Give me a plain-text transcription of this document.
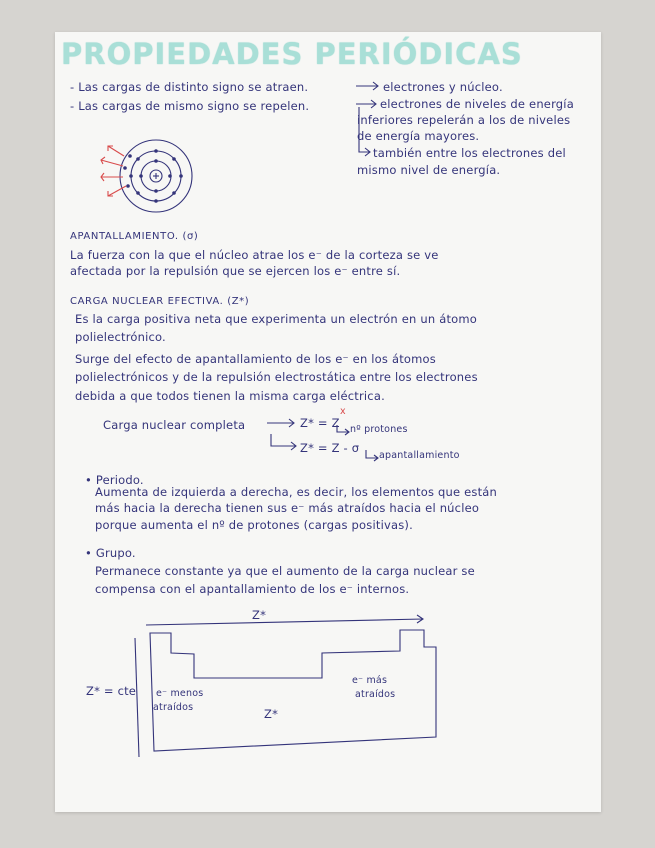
PROPIEDADES PERIÓDICAS
- Las cargas de distinto signo se atraen.	electrones y núcleo.
- Las cargas de mismo signo se repelen.	electrones de niveles de energía
inferiores repelerán a los de niveles
de energía mayores.
también entre los electrones del
mismo nivel de energía.
APANTALLAMIENTO. (σ)
La fuerza con la que el núcleo atrae los e⁻ de la corteza se ve
afectada por la repulsión que se ejercen los e⁻ entre sí.
CARGA NUCLEAR EFECTIVA. (Z*)
Es la carga positiva neta que experimenta un electrón en un átomo
polielectrónico.
Surge del efecto de apantallamiento de los e⁻ en los átomos
polielectrónicos y de la repulsión electrostática entre los electrones
debida a que todos tienen la misma carga eléctrica.
Carga nuclear completa	Z* = Z
x
nº protones
Z* = Z - σ
apantallamiento
• Periodo.
Aumenta de izquierda a derecha, es decir, los elementos que están
más hacia la derecha tienen sus e⁻ más atraídos hacia el núcleo
porque aumenta el nº de protones (cargas positivas).
• Grupo.
Permanece constante ya que el aumento de la carga nuclear se
compensa con el apantallamiento de los e⁻ internos.
Z*
Z* = cte e⁻ menos
atraídos	Z*
e⁻ más
atraídos
